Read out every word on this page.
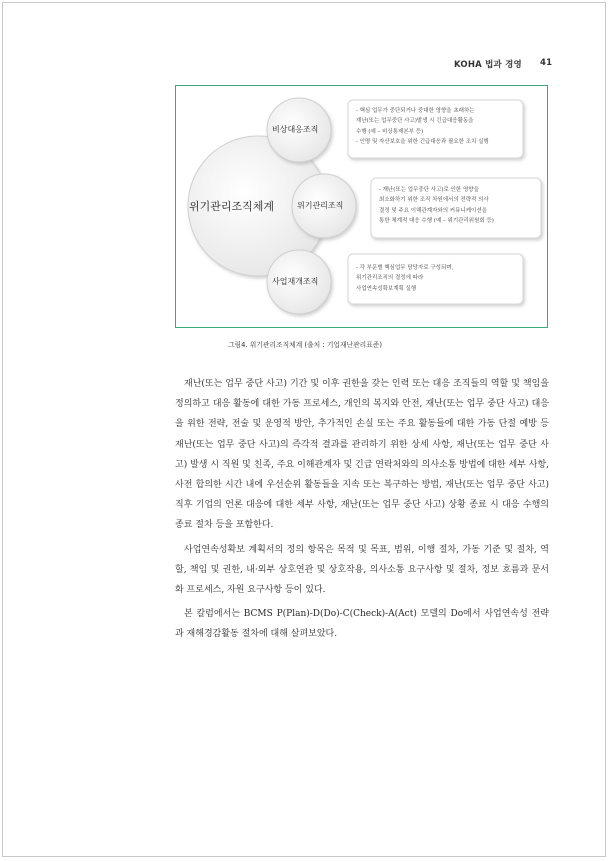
KOHA 법과 경영 41
위기관리조직체계
비상대응조직
위기관리조직
사업재개조직
- 핵심 업무가 중단되거나 중대한 영향을 초래하는
재난(또는 업무중단 사고)발생 시 긴급대응활동을
수행 (예 – 비상통제본부 등)
- 인명 및 자산보호을 위한 긴급대응과 필요한 조치 실행
- 재난(또는 업무중단 사고)로 인한 영향을
최소화하기 위한 조직 차원에서의 전략적 의사
결정 및 주요 이해관계자와의 커뮤니케이션을
통한 체계적 대응 수행 (예 – 위기관리위원회 등)
- 각 부문별 핵심업무 담당자로 구성되며,
위기관리조직의 결정에 따라
사업연속성확보계획 실행
그림4. 위기관리조직체계 (출처 : 기업재난관리표준)

재난(또는 업무 중단 사고) 기간 및 이후 권한을 갖는 인력 또는 대응 조직들의 역할 및 책임을 정의하고 대응 활동에 대한 가동 프로세스, 개인의 복지와 안전, 재난(또는 업무 중단 사고) 대응을 위한 전략, 전술 및 운영적 방안, 추가적인 손실 또는 주요 활동들에 대한 가동 단절 예방 등 재난(또는 업무 중단 사고)의 즉각적 결과를 관리하기 위한 상세 사항, 재난(또는 업무 중단 사고) 발생 시 직원 및 친족, 주요 이해관계자 및 긴급 연락처와의 의사소통 방법에 대한 세부 사항, 사전 합의한 시간 내에 우선순위 활동들을 지속 또는 복구하는 방법, 재난(또는 업무 중단 사고) 직후 기업의 언론 대응에 대한 세부 사항, 재난(또는 업무 중단 사고) 상황 종료 시 대응 수행의 종료 절차 등을 포함한다.

사업연속성확보 계획서의 정의 항목은 목적 및 목표, 범위, 이행 절차, 가동 기준 및 절차, 역할, 책임 및 권한, 내·외부 상호연관 및 상호작용, 의사소통 요구사항 및 절차, 정보 흐름과 문서화 프로세스, 자원 요구사항 등이 있다.

본 칼럼에서는 BCMS P(Plan)-D(Do)-C(Check)-A(Act) 모델의 Do에서 사업연속성 전략과 재해경감활동 절차에 대해 살펴보았다.
